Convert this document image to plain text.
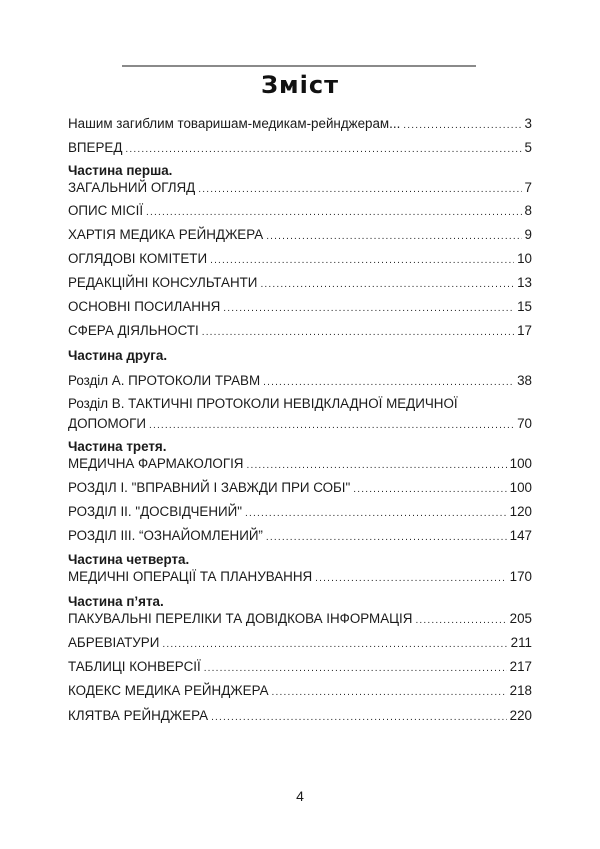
Зміст
Нашим загиблим товаришам-медикам-рейнджерам... .....	3
ВПЕРЕД .....	5
Частина перша.
ЗАГАЛЬНИЙ ОГЛЯД .....	7
ОПИС МІСІЇ .....	8
ХАРТІЯ МЕДИКА РЕЙНДЖЕРА .....	9
ОГЛЯДОВІ КОМІТЕТИ .....	10
РЕДАКЦІЙНІ КОНСУЛЬТАНТИ .....	13
ОСНОВНІ ПОСИЛАННЯ .....	15
СФЕРА ДІЯЛЬНОСТІ .....	17
Частина друга.
Розділ А. ПРОТОКОЛИ ТРАВМ .....	38
Розділ В. ТАКТИЧНІ ПРОТОКОЛИ НЕВІДКЛАДНОЇ МЕДИЧНОЇ
ДОПОМОГИ .....	70
Частина третя.
МЕДИЧНА ФАРМАКОЛОГІЯ .....	100
РОЗДІЛ І. "ВПРАВНИЙ І ЗАВЖДИ ПРИ СОБІ" .....	100
РОЗДІЛ ІІ. "ДОСВІДЧЕНИЙ" .....	120
РОЗДІЛ ІІІ. “ОЗНАЙОМЛЕНИЙ” .....	147
Частина четверта.
МЕДИЧНІ ОПЕРАЦІЇ ТА ПЛАНУВАННЯ .....	170
Частина п’ята.
ПАКУВАЛЬНІ ПЕРЕЛІКИ ТА ДОВІДКОВА ІНФОРМАЦІЯ .....	205
АБРЕВІАТУРИ .....	211
ТАБЛИЦІ КОНВЕРСІЇ .....	217
КОДЕКС МЕДИКА РЕЙНДЖЕРА .....	218
КЛЯТВА РЕЙНДЖЕРА .....	220
4
